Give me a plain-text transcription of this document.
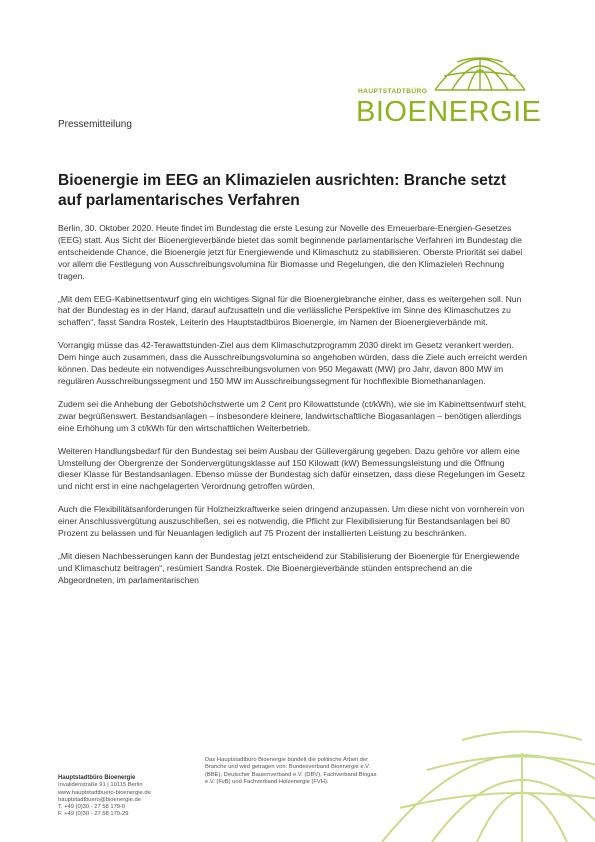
HAUPTSTADTBÜRO
BIOENERGIE
Pressemitteilung
Bioenergie im EEG an Klimazielen ausrichten: Branche setzt auf parlamentarisches Verfahren

Berlin, 30. Oktober 2020. Heute findet im Bundestag die erste Lesung zur Novelle des Erneuerbare-Energien-Gesetzes (EEG) statt. Aus Sicht der Bioenergieverbände bietet das somit beginnende parlamentarische Verfahren im Bundestag die entscheidende Chance, die Bioenergie jetzt für Energiewende und Klimaschutz zu stabilisieren. Oberste Priorität sei dabei vor allem die Festlegung von Ausschreibungsvolumina für Biomasse und Regelungen, die den Klimazielen Rechnung tragen.

„Mit dem EEG-Kabinettsentwurf ging ein wichtiges Signal für die Bioenergiebranche einher, dass es weitergehen soll. Nun hat der Bundestag es in der Hand, darauf aufzusatteln und die verlässliche Perspektive im Sinne des Klimaschutzes zu schaffen“, fasst Sandra Rostek, Leiterin des Hauptstadtbüros Bioenergie, im Namen der Bioenergieverbände mit.

Vorrangig müsse das 42-Terawattstunden-Ziel aus dem Klimaschutzprogramm 2030 direkt im Gesetz verankert werden. Dem hinge auch zusammen, dass die Ausschreibungsvolumina so angehoben würden, dass die Ziele auch erreicht werden können. Das bedeute ein notwendiges Ausschreibungsvolumen von 950 Megawatt (MW) pro Jahr, davon 800 MW im regulären Ausschreibungssegment und 150 MW im Ausschreibungssegment für hochflexible Biomethananlagen.

Zudem sei die Anhebung der Gebotshöchstwerte um 2 Cent pro Kilowattstunde (ct/kWh), wie sie im Kabinettsentwurf steht, zwar begrüßenswert. Bestandsanlagen – insbesondere kleinere, landwirtschaftliche Biogasanlagen – benötigen allerdings eine Erhöhung um 3 ct/kWh für den wirtschaftlichen Weiterbetrieb.

Weiteren Handlungsbedarf für den Bundestag sei beim Ausbau der Güllevergärung gegeben. Dazu gehöre vor allem eine Umstellung der Obergrenze der Sondervergütungsklasse auf 150 Kilowatt (kW) Bemessungsleistung und die Öffnung dieser Klasse für Bestandsanlagen. Ebenso müsse der Bundestag sich dafür einsetzen, dass diese Regelungen im Gesetz und nicht erst in eine nachgelagerten Verordnung getroffen würden.

Auch die Flexibilitätsanforderungen für Holzheizkraftwerke seien dringend anzupassen. Um diese nicht von vornherein von einer Anschlussvergütung auszuschließen, sei es notwendig, die Pflicht zur Flexibilisierung für Bestandsanlagen bei 80 Prozent zu belassen und für Neuanlagen lediglich auf 75 Prozent der installierten Leistung zu beschränken.

„Mit diesen Nachbesserungen kann der Bundestag jetzt entscheidend zur Stabilisierung der Bioenergie für Energiewende und Klimaschutz beitragen“, resümiert Sandra Rostek. Die Bioenergieverbände stünden entsprechend an die Abgeordneten, im parlamentarischen

Hauptstadtbüro Bioenergie
Invalidenstraße 91 | 10115 Berlin
www.hauptstadtbuero-bioenergie.de
hauptstadtbuero@bioenergie.de
T. +49 (0)30 - 27 58 179-0
F. +49 (0)30 - 27 58 179-29
Das Hauptstadtbüro Bioenergie bündelt die politische Arbeit der Branche und wird getragen von: Bundesverband Bioenergie e.V. (BBE), Deutscher Bauernverband e.V. (DBV), Fachverband Biogas e.V. (FvB) und Fachverband Holzenergie (FVH).
